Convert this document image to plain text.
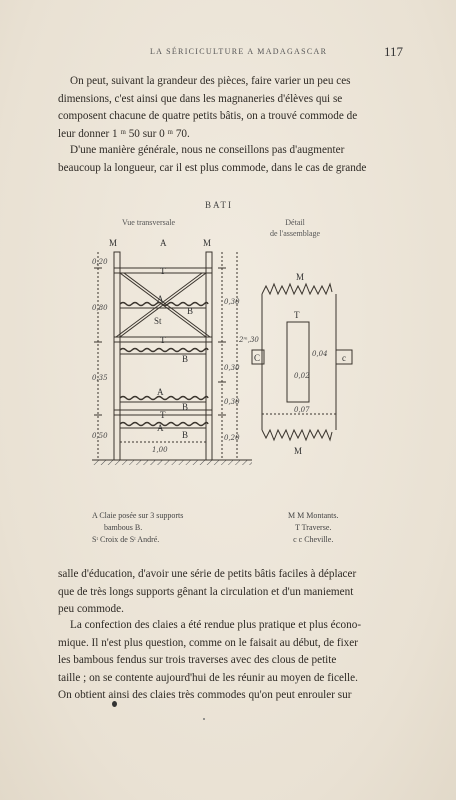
LA SÉRICICULTURE A MADAGASCAR	117
On peut, suivant la grandeur des pièces, faire varier un peu ces
dimensions, c'est ainsi que dans les magnaneries d'élèves qui se
composent chacune de quatre petits bâtis, on a trouvé commode de
leur donner 1 ᵐ 50 sur 0 ᵐ 70.
D'une manière générale, nous ne conseillons pas d'augmenter
beaucoup la longueur, car il est plus commode, dans le cas de grande
BATI
Vue transversale	Détail
de l'assemblage
M	A	M
T
A
B
St
T
B
A
B
T
A
B
0,20
0,80
0,35
0,50
1,00
0,30
0,30
0,30
2ᵐ,30
0,20
M
T
C	c
0,02
0,04
0,07
M
A Claie posée sur 3 supports
bambous B.
Sᵗ Croix de Sᵗ André.
M M Montants.
T Traverse.
c c Cheville.
salle d'éducation, d'avoir une série de petits bâtis faciles à déplacer
que de très longs supports gênant la circulation et d'un maniement
peu commode.
La confection des claies a été rendue plus pratique et plus écono-
mique. Il n'est plus question, comme on le faisait au début, de fixer
les bambous fendus sur trois traverses avec des clous de petite
taille ; on se contente aujourd'hui de les réunir au moyen de ficelle.
On obtient ainsi des claies très commodes qu'on peut enrouler sur
